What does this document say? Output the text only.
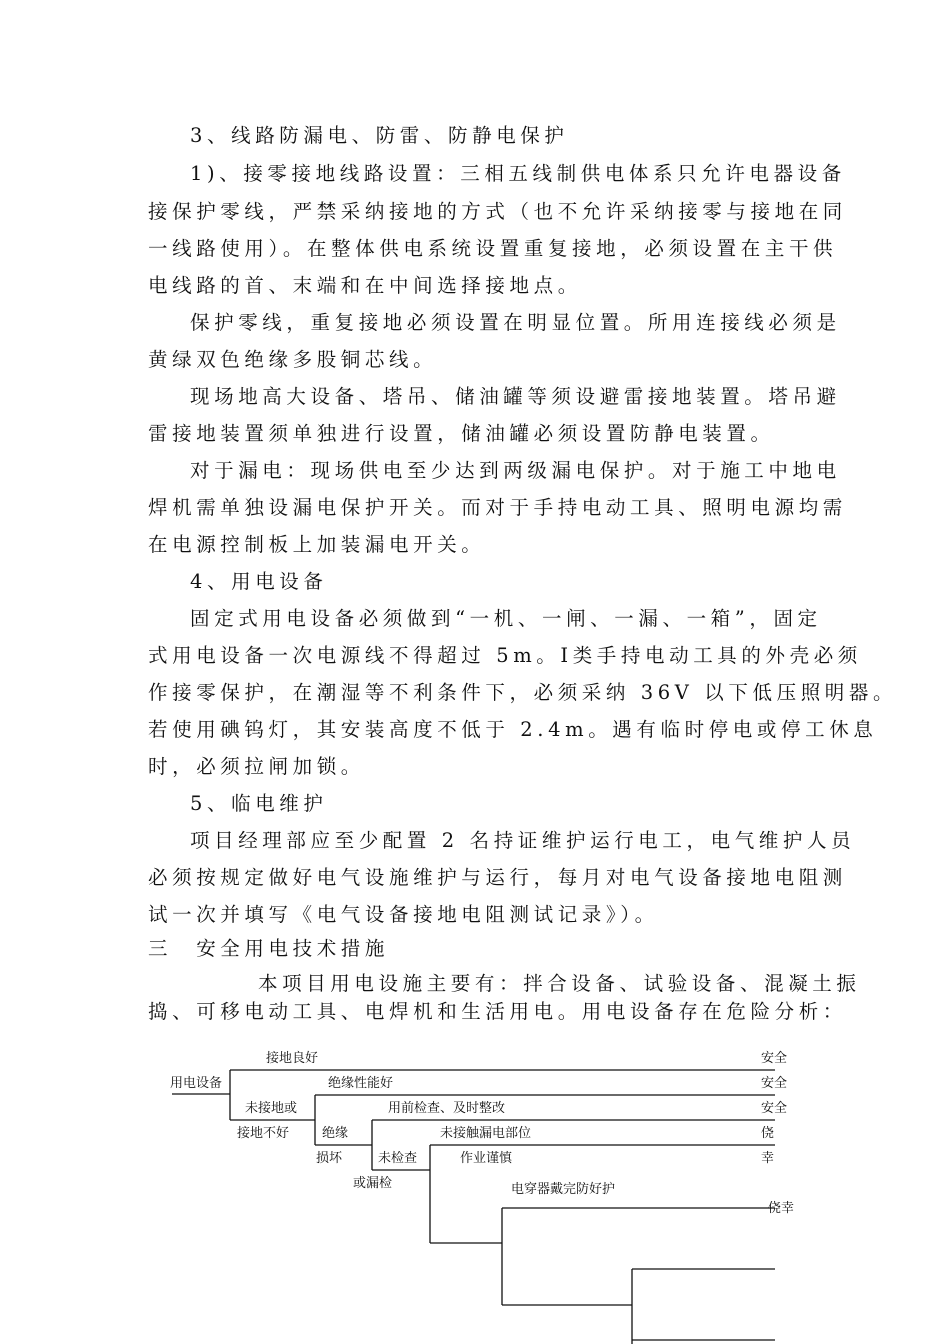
3、线路防漏电、防雷、防静电保护
1)、接零接地线路设置：三相五线制供电体系只允许电器设备
接保护零线，严禁采纳接地的方式（也不允许采纳接零与接地在同
一线路使用）。在整体供电系统设置重复接地，必须设置在主干供
电线路的首、末端和在中间选择接地点。
保护零线，重复接地必须设置在明显位置。所用连接线必须是
黄绿双色绝缘多股铜芯线。
现场地高大设备、塔吊、储油罐等须设避雷接地装置。塔吊避
雷接地装置须单独进行设置，储油罐必须设置防静电装置。
对于漏电：现场供电至少达到两级漏电保护。对于施工中地电
焊机需单独设漏电保护开关。而对于手持电动工具、照明电源均需
在电源控制板上加装漏电开关。
4、用电设备
固定式用电设备必须做到“一机、一闸、一漏、一箱”，固定
式用电设备一次电源线不得超过 5m。Ⅰ类手持电动工具的外壳必须
作接零保护，在潮湿等不利条件下，必须采纳 36V 以下低压照明器。
若使用碘钨灯，其安装高度不低于 2.4m。遇有临时停电或停工休息
时，必须拉闸加锁。
5、临电维护
项目经理部应至少配置 2 名持证维护运行电工，电气维护人员
必须按规定做好电气设施维护与运行，每月对电气设备接地电阻测
试一次并填写《电气设备接地电阻测试记录》）。
三　安全用电技术措施
本项目用电设施主要有：拌合设备、试验设备、混凝土振
捣、可移电动工具、电焊机和生活用电。用电设备存在危险分析：
用电设备
接地良好	安全
绝缘性能好	安全
未接地或
接地不好
用前检查、及时整改	安全
绝缘	未接触漏电部位	侥
损坏	未检查	作业谨慎	幸
或漏检	电穿器戴完防好护
侥幸
